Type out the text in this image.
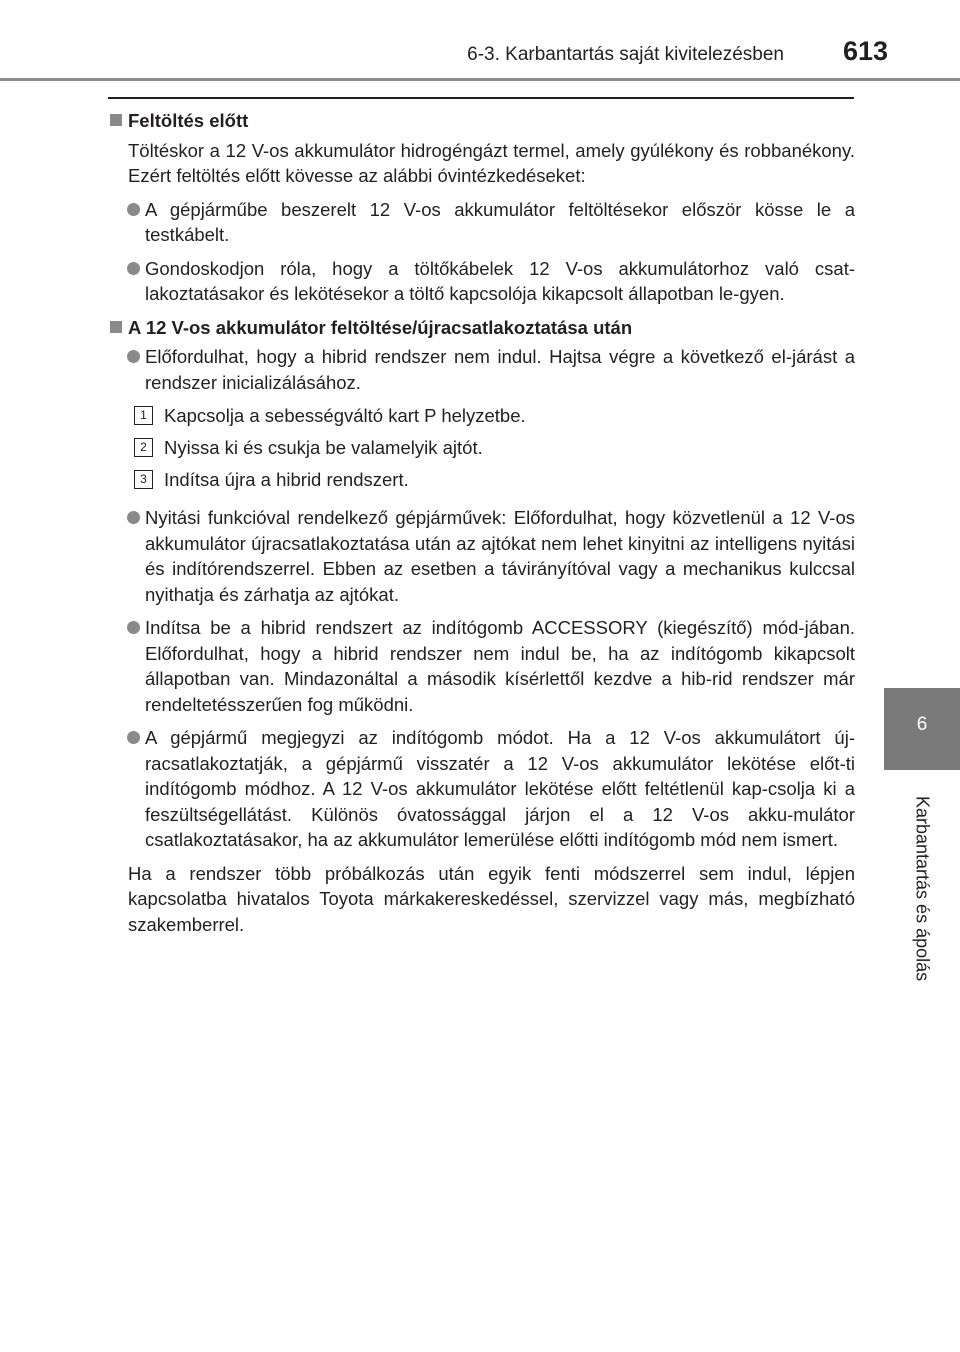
6-3. Karbantartás saját kivitelezésben 613
6
Karbantartás és ápolás
Feltöltés előtt
Töltéskor a 12 V-os akkumulátor hidrogéngázt termel, amely gyúlékony és robbanékony. Ezért feltöltés előtt kövesse az alábbi óvintézkedéseket:
A gépjárműbe beszerelt 12 V-os akkumulátor feltöltésekor először kösse le a testkábelt.
Gondoskodjon róla, hogy a töltőkábelek 12 V-os akkumulátorhoz való csat-lakoztatásakor és lekötésekor a töltő kapcsolója kikapcsolt állapotban le-gyen.
A 12 V-os akkumulátor feltöltése/újracsatlakoztatása után
Előfordulhat, hogy a hibrid rendszer nem indul. Hajtsa végre a következő el-járást a rendszer inicializálásához.
1 Kapcsolja a sebességváltó kart P helyzetbe.
2 Nyissa ki és csukja be valamelyik ajtót.
3 Indítsa újra a hibrid rendszert.
Nyitási funkcióval rendelkező gépjárművek: Előfordulhat, hogy közvetlenül a 12 V-os akkumulátor újracsatlakoztatása után az ajtókat nem lehet kinyitni az intelligens nyitási és indítórendszerrel. Ebben az esetben a távirányítóval vagy a mechanikus kulccsal nyithatja és zárhatja az ajtókat.
Indítsa be a hibrid rendszert az indítógomb ACCESSORY (kiegészítő) mód-jában. Előfordulhat, hogy a hibrid rendszer nem indul be, ha az indítógomb kikapcsolt állapotban van. Mindazonáltal a második kísérlettől kezdve a hib-rid rendszer már rendeltetésszerűen fog működni.
A gépjármű megjegyzi az indítógomb módot. Ha a 12 V-os akkumulátort új-racsatlakoztatják, a gépjármű visszatér a 12 V-os akkumulátor lekötése előt-ti indítógomb módhoz. A 12 V-os akkumulátor lekötése előtt feltétlenül kap-csolja ki a feszültségellátást. Különös óvatossággal járjon el a 12 V-os akku-mulátor csatlakoztatásakor, ha az akkumulátor lemerülése előtti indítógomb mód nem ismert.
Ha a rendszer több próbálkozás után egyik fenti módszerrel sem indul, lépjen kapcsolatba hivatalos Toyota márkakereskedéssel, szervizzel vagy más, megbízható szakemberrel.
